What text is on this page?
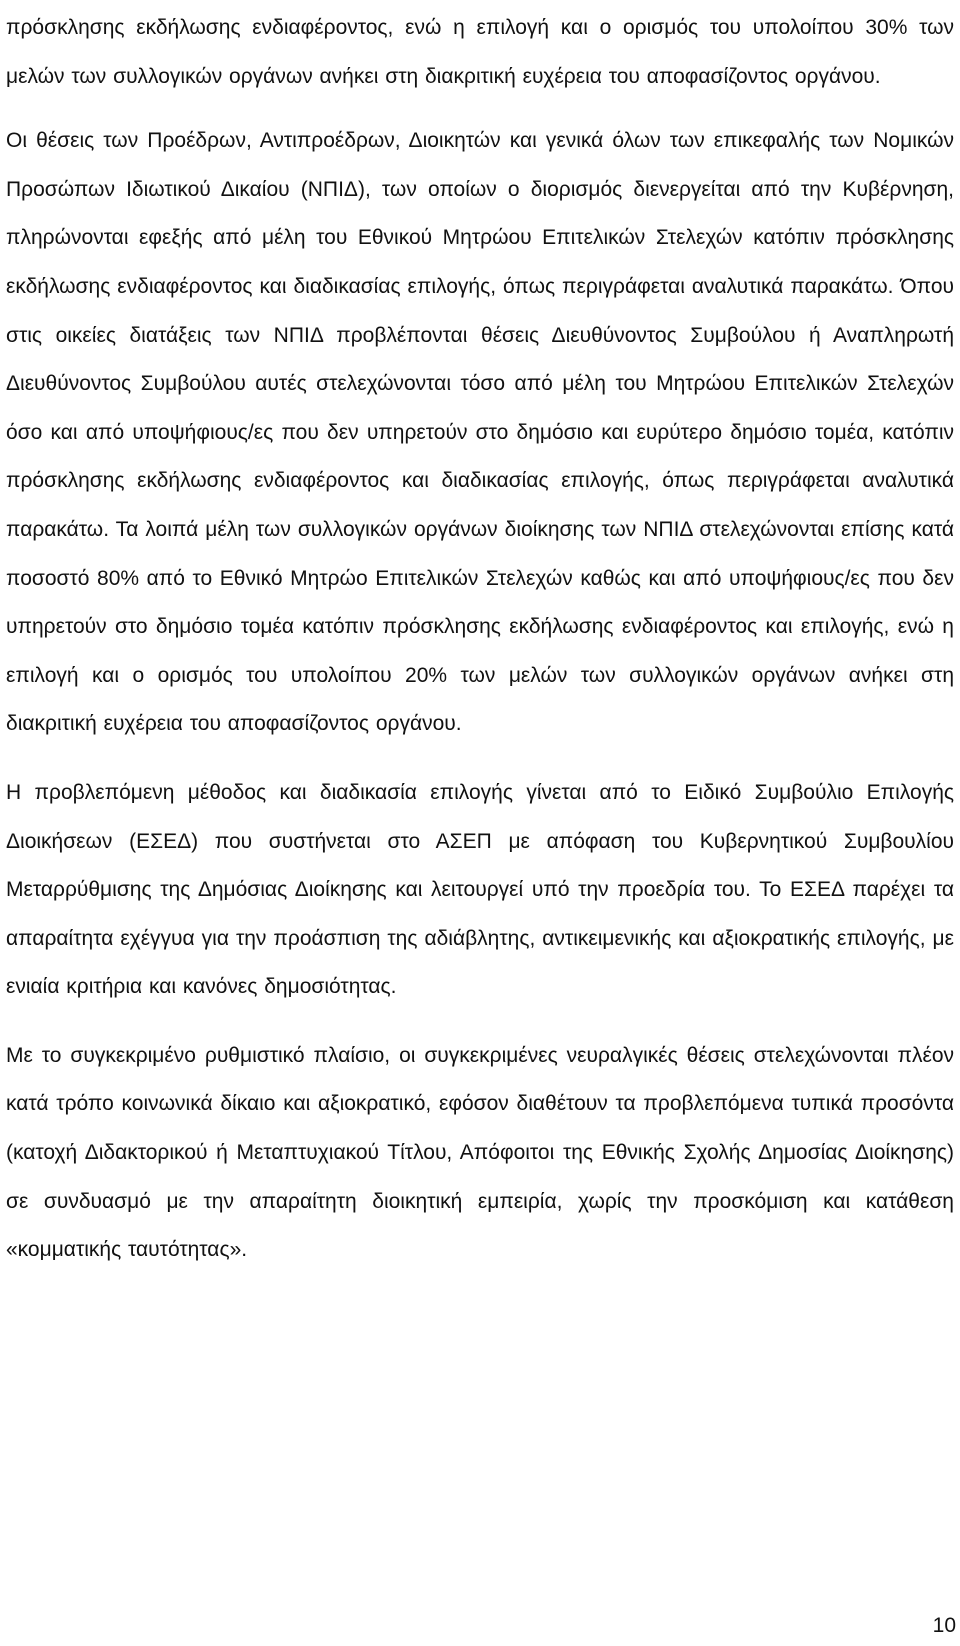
πρόσκλησης εκδήλωσης ενδιαφέροντος, ενώ η επιλογή και ο ορισμός του υπολοίπου 30% των μελών των συλλογικών οργάνων ανήκει στη διακριτική ευχέρεια του αποφασίζοντος οργάνου.

Οι θέσεις των Προέδρων, Αντιπροέδρων, Διοικητών και γενικά όλων των επικεφαλής των Νομικών Προσώπων Ιδιωτικού Δικαίου (ΝΠΙΔ), των οποίων ο διορισμός διενεργείται από την Κυβέρνηση, πληρώνονται εφεξής από μέλη του Εθνικού Μητρώου Επιτελικών Στελεχών κατόπιν πρόσκλησης εκδήλωσης ενδιαφέροντος και διαδικασίας επιλογής, όπως περιγράφεται αναλυτικά παρακάτω. Όπου στις οικείες διατάξεις των ΝΠΙΔ προβλέπονται θέσεις Διευθύνοντος Συμβούλου ή Αναπληρωτή Διευθύνοντος Συμβούλου αυτές στελεχώνονται τόσο από μέλη του Μητρώου Επιτελικών Στελεχών όσο και από υποψήφιους/ες που δεν υπηρετούν στο δημόσιο και ευρύτερο δημόσιο τομέα, κατόπιν πρόσκλησης εκδήλωσης ενδιαφέροντος και διαδικασίας επιλογής, όπως περιγράφεται αναλυτικά παρακάτω. Τα λοιπά μέλη των συλλογικών οργάνων διοίκησης των ΝΠΙΔ στελεχώνονται επίσης κατά ποσοστό 80% από το Εθνικό Μητρώο Επιτελικών Στελεχών καθώς και από υποψήφιους/ες που δεν υπηρετούν στο δημόσιο τομέα κατόπιν πρόσκλησης εκδήλωσης ενδιαφέροντος και επιλογής, ενώ η επιλογή και ο ορισμός του υπολοίπου 20% των μελών των συλλογικών οργάνων ανήκει στη διακριτική ευχέρεια του αποφασίζοντος οργάνου.

Η προβλεπόμενη μέθοδος και διαδικασία επιλογής γίνεται από το Ειδικό Συμβούλιο Επιλογής Διοικήσεων (ΕΣΕΔ) που συστήνεται στο ΑΣΕΠ με απόφαση του Κυβερνητικού Συμβουλίου Μεταρρύθμισης της Δημόσιας Διοίκησης και λειτουργεί υπό την προεδρία του. Το ΕΣΕΔ παρέχει τα απαραίτητα εχέγγυα για την προάσπιση της αδιάβλητης, αντικειμενικής και αξιοκρατικής επιλογής, με ενιαία κριτήρια και κανόνες δημοσιότητας.

Με το συγκεκριμένο ρυθμιστικό πλαίσιο, οι συγκεκριμένες νευραλγικές θέσεις στελεχώνονται πλέον κατά τρόπο κοινωνικά δίκαιο και αξιοκρατικό, εφόσον διαθέτουν τα προβλεπόμενα τυπικά προσόντα (κατοχή Διδακτορικού ή Μεταπτυχιακού Τίτλου, Απόφοιτοι της Εθνικής Σχολής Δημοσίας Διοίκησης) σε συνδυασμό με την απαραίτητη διοικητική εμπειρία, χωρίς την προσκόμιση και κατάθεση «κομματικής ταυτότητας».

10
